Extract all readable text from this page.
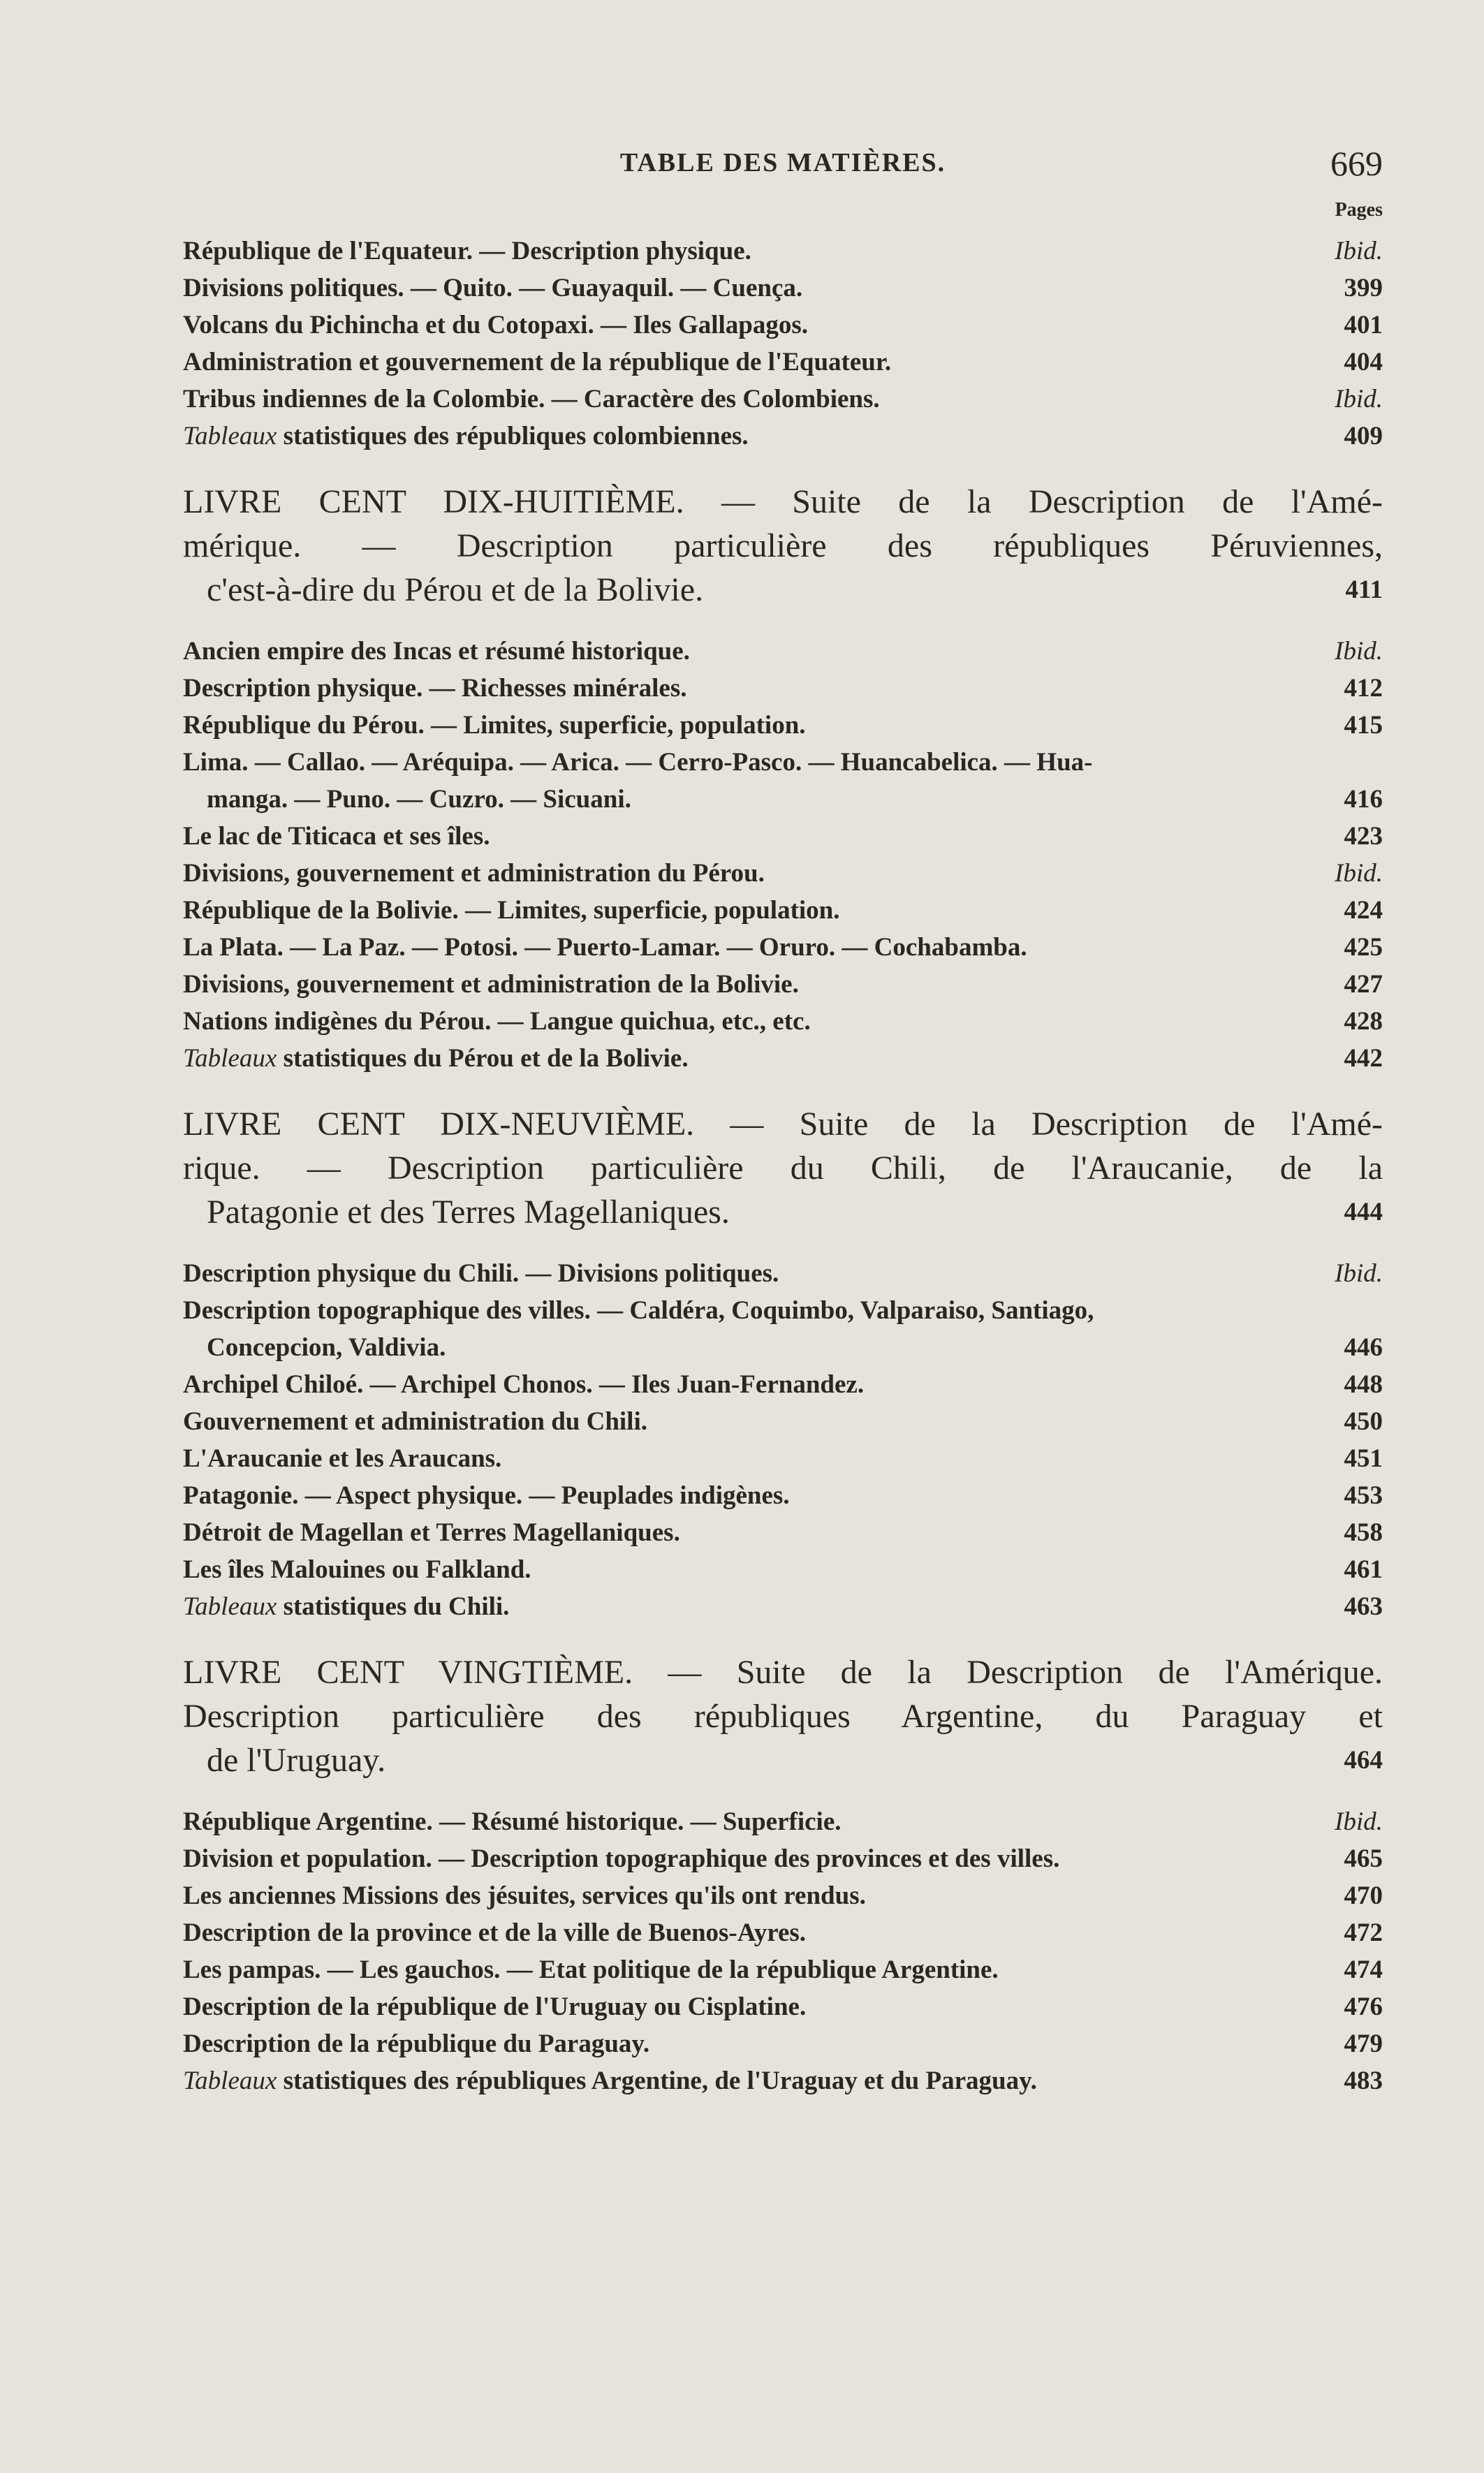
TABLE DES MATIÈRES.	669
Pages
République de l'Equateur. — Description physique.	Ibid.
Divisions politiques. — Quito. — Guayaquil. — Cuença.	399
Volcans du Pichincha et du Cotopaxi. — Iles Gallapagos.	401
Administration et gouvernement de la république de l'Equateur.	404
Tribus indiennes de la Colombie. — Caractère des Colombiens.	Ibid.
Tableaux statistiques des républiques colombiennes.	409
LIVRE CENT DIX-HUITIÈME. — Suite de la Description de l'Amé-
mérique. — Description particulière des républiques Péruviennes,
c'est-à-dire du Pérou et de la Bolivie.	411
Ancien empire des Incas et résumé historique.	Ibid.
Description physique. — Richesses minérales.	412
République du Pérou. — Limites, superficie, population.	415
Lima. — Callao. — Aréquipa. — Arica. — Cerro-Pasco. — Huancabelica. — Hua-
manga. — Puno. — Cuzro. — Sicuani.	416
Le lac de Titicaca et ses îles.	423
Divisions, gouvernement et administration du Pérou.	Ibid.
République de la Bolivie. — Limites, superficie, population.	424
La Plata. — La Paz. — Potosi. — Puerto-Lamar. — Oruro. — Cochabamba.	425
Divisions, gouvernement et administration de la Bolivie.	427
Nations indigènes du Pérou. — Langue quichua, etc., etc.	428
Tableaux statistiques du Pérou et de la Bolivie.	442
LIVRE CENT DIX-NEUVIÈME. — Suite de la Description de l'Amé-
rique. — Description particulière du Chili, de l'Araucanie, de la
Patagonie et des Terres Magellaniques.	444
Description physique du Chili. — Divisions politiques.	Ibid.
Description topographique des villes. — Caldéra, Coquimbo, Valparaiso, Santiago,
Concepcion, Valdivia.	446
Archipel Chiloé. — Archipel Chonos. — Iles Juan-Fernandez.	448
Gouvernement et administration du Chili.	450
L'Araucanie et les Araucans.	451
Patagonie. — Aspect physique. — Peuplades indigènes.	453
Détroit de Magellan et Terres Magellaniques.	458
Les îles Malouines ou Falkland.	461
Tableaux statistiques du Chili.	463
LIVRE CENT VINGTIÈME. — Suite de la Description de l'Amérique.
Description particulière des républiques Argentine, du Paraguay et
de l'Uruguay.	464
République Argentine. — Résumé historique. — Superficie.	Ibid.
Division et population. — Description topographique des provinces et des villes.	465
Les anciennes Missions des jésuites, services qu'ils ont rendus.	470
Description de la province et de la ville de Buenos-Ayres.	472
Les pampas. — Les gauchos. — Etat politique de la république Argentine.	474
Description de la république de l'Uruguay ou Cisplatine.	476
Description de la république du Paraguay.	479
Tableaux statistiques des républiques Argentine, de l'Uraguay et du Paraguay.	483
